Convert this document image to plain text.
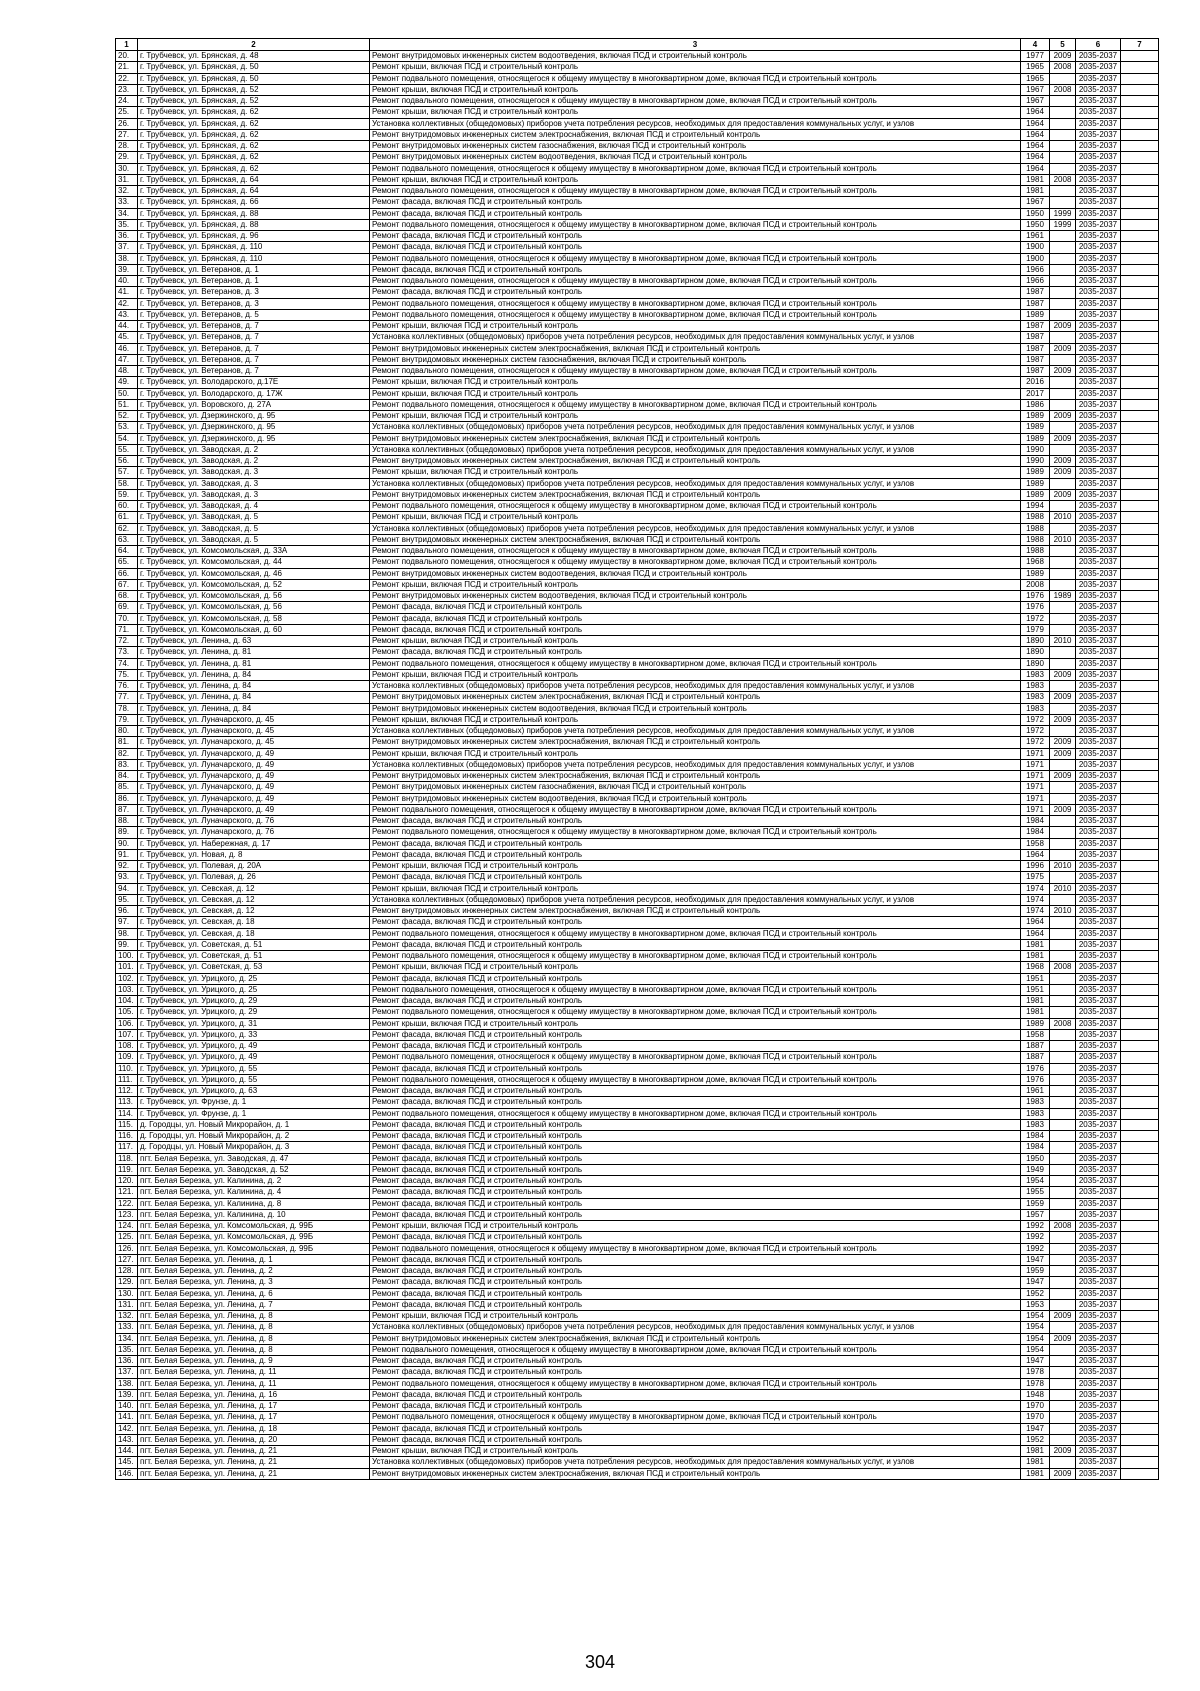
1	2	3	4	5	6	7
20.	г. Трубчевск, ул. Брянская, д. 48	Ремонт внутридомовых инженерных систем водоотведения, включая ПСД и строительный контроль	1977	2009	2035-2037	
21.	г. Трубчевск, ул. Брянская, д. 50	Ремонт крыши, включая ПСД и строительный контроль	1965	2008	2035-2037	
22.	г. Трубчевск, ул. Брянская, д. 50	Ремонт подвального помещения, относящегося к общему имуществу в многоквартирном доме, включая ПСД и строительный контроль	1965		2035-2037	
23.	г. Трубчевск, ул. Брянская, д. 52	Ремонт крыши, включая ПСД и строительный контроль	1967	2008	2035-2037	
24.	г. Трубчевск, ул. Брянская, д. 52	Ремонт подвального помещения, относящегося к общему имуществу в многоквартирном доме, включая ПСД и строительный контроль	1967		2035-2037	
25.	г. Трубчевск, ул. Брянская, д. 62	Ремонт крыши, включая ПСД и строительный контроль	1964		2035-2037	
26.	г. Трубчевск, ул. Брянская, д. 62	Установка коллективных (общедомовых) приборов учета потребления ресурсов, необходимых для предоставления коммунальных услуг, и узлов	1964		2035-2037	
27.	г. Трубчевск, ул. Брянская, д. 62	Ремонт внутридомовых инженерных систем электроснабжения, включая ПСД и строительный контроль	1964		2035-2037	
28.	г. Трубчевск, ул. Брянская, д. 62	Ремонт внутридомовых инженерных систем газоснабжения, включая ПСД и строительный контроль	1964		2035-2037	
29.	г. Трубчевск, ул. Брянская, д. 62	Ремонт внутридомовых инженерных систем водоотведения, включая ПСД и строительный контроль	1964		2035-2037	
30.	г. Трубчевск, ул. Брянская, д. 62	Ремонт подвального помещения, относящегося к общему имуществу в многоквартирном доме, включая ПСД и строительный контроль	1964		2035-2037	
31.	г. Трубчевск, ул. Брянская, д. 64	Ремонт крыши, включая ПСД и строительный контроль	1981	2008	2035-2037	
32.	г. Трубчевск, ул. Брянская, д. 64	Ремонт подвального помещения, относящегося к общему имуществу в многоквартирном доме, включая ПСД и строительный контроль	1981		2035-2037	
33.	г. Трубчевск, ул. Брянская, д. 66	Ремонт фасада, включая ПСД и строительный контроль	1967		2035-2037	
34.	г. Трубчевск, ул. Брянская, д. 88	Ремонт фасада, включая ПСД и строительный контроль	1950	1999	2035-2037	
35.	г. Трубчевск, ул. Брянская, д. 88	Ремонт подвального помещения, относящегося к общему имуществу в многоквартирном доме, включая ПСД и строительный контроль	1950	1999	2035-2037	
36.	г. Трубчевск, ул. Брянская, д. 96	Ремонт фасада, включая ПСД и строительный контроль	1961		2035-2037	
37.	г. Трубчевск, ул. Брянская, д. 110	Ремонт фасада, включая ПСД и строительный контроль	1900		2035-2037	
38.	г. Трубчевск, ул. Брянская, д. 110	Ремонт подвального помещения, относящегося к общему имуществу в многоквартирном доме, включая ПСД и строительный контроль	1900		2035-2037	
39.	г. Трубчевск, ул. Ветеранов, д. 1	Ремонт фасада, включая ПСД и строительный контроль	1966		2035-2037	
40.	г. Трубчевск, ул. Ветеранов, д. 1	Ремонт подвального помещения, относящегося к общему имуществу в многоквартирном доме, включая ПСД и строительный контроль	1966		2035-2037	
41.	г. Трубчевск, ул. Ветеранов, д. 3	Ремонт фасада, включая ПСД и строительный контроль	1987		2035-2037	
42.	г. Трубчевск, ул. Ветеранов, д. 3	Ремонт подвального помещения, относящегося к общему имуществу в многоквартирном доме, включая ПСД и строительный контроль	1987		2035-2037	
43.	г. Трубчевск, ул. Ветеранов, д. 5	Ремонт подвального помещения, относящегося к общему имуществу в многоквартирном доме, включая ПСД и строительный контроль	1989		2035-2037	
44.	г. Трубчевск, ул. Ветеранов, д. 7	Ремонт крыши, включая ПСД и строительный контроль	1987	2009	2035-2037	
45.	г. Трубчевск, ул. Ветеранов, д. 7	Установка коллективных (общедомовых) приборов учета потребления ресурсов, необходимых для предоставления коммунальных услуг, и узлов	1987		2035-2037	
46.	г. Трубчевск, ул. Ветеранов, д. 7	Ремонт внутридомовых инженерных систем электроснабжения, включая ПСД и строительный контроль	1987	2009	2035-2037	
47.	г. Трубчевск, ул. Ветеранов, д. 7	Ремонт внутридомовых инженерных систем газоснабжения, включая ПСД и строительный контроль	1987		2035-2037	
48.	г. Трубчевск, ул. Ветеранов, д. 7	Ремонт подвального помещения, относящегося к общему имуществу в многоквартирном доме, включая ПСД и строительный контроль	1987	2009	2035-2037	
49.	г. Трубчевск, ул. Володарского, д.17Е	Ремонт крыши, включая ПСД и строительный контроль	2016		2035-2037	
50.	г. Трубчевск, ул. Володарского, д. 17Ж	Ремонт крыши, включая ПСД и строительный контроль	2017		2035-2037	
51.	г. Трубчевск, ул. Воровского, д. 27А	Ремонт подвального помещения, относящегося к общему имуществу в многоквартирном доме, включая ПСД и строительный контроль	1986		2035-2037	
52.	г. Трубчевск, ул. Дзержинского, д. 95	Ремонт крыши, включая ПСД и строительный контроль	1989	2009	2035-2037	
53.	г. Трубчевск, ул. Дзержинского, д. 95	Установка коллективных (общедомовых) приборов учета потребления ресурсов, необходимых для предоставления коммунальных услуг, и узлов	1989		2035-2037	
54.	г. Трубчевск, ул. Дзержинского, д. 95	Ремонт внутридомовых инженерных систем электроснабжения, включая ПСД и строительный контроль	1989	2009	2035-2037	
55.	г. Трубчевск, ул. Заводская, д. 2	Установка коллективных (общедомовых) приборов учета потребления ресурсов, необходимых для предоставления коммунальных услуг, и узлов	1990		2035-2037	
56.	г. Трубчевск, ул. Заводская, д. 2	Ремонт внутридомовых инженерных систем электроснабжения, включая ПСД и строительный контроль	1990	2009	2035-2037	
57.	г. Трубчевск, ул. Заводская, д. 3	Ремонт крыши, включая ПСД и строительный контроль	1989	2009	2035-2037	
58.	г. Трубчевск, ул. Заводская, д. 3	Установка коллективных (общедомовых) приборов учета потребления ресурсов, необходимых для предоставления коммунальных услуг, и узлов	1989		2035-2037	
59.	г. Трубчевск, ул. Заводская, д. 3	Ремонт внутридомовых инженерных систем электроснабжения, включая ПСД и строительный контроль	1989	2009	2035-2037	
60.	г. Трубчевск, ул. Заводская, д. 4	Ремонт подвального помещения, относящегося к общему имуществу в многоквартирном доме, включая ПСД и строительный контроль	1994		2035-2037	
61.	г. Трубчевск, ул. Заводская, д. 5	Ремонт крыши, включая ПСД и строительный контроль	1988	2010	2035-2037	
62.	г. Трубчевск, ул. Заводская, д. 5	Установка коллективных (общедомовых) приборов учета потребления ресурсов, необходимых для предоставления коммунальных услуг, и узлов	1988		2035-2037	
63.	г. Трубчевск, ул. Заводская, д. 5	Ремонт внутридомовых инженерных систем электроснабжения, включая ПСД и строительный контроль	1988	2010	2035-2037	
64.	г. Трубчевск, ул. Комсомольская, д. 33А	Ремонт подвального помещения, относящегося к общему имуществу в многоквартирном доме, включая ПСД и строительный контроль	1988		2035-2037	
65.	г. Трубчевск, ул. Комсомольская, д. 44	Ремонт подвального помещения, относящегося к общему имуществу в многоквартирном доме, включая ПСД и строительный контроль	1968		2035-2037	
66.	г. Трубчевск, ул. Комсомольская, д. 46	Ремонт внутридомовых инженерных систем водоотведения, включая ПСД и строительный контроль	1989		2035-2037	
67.	г. Трубчевск, ул. Комсомольская, д. 52	Ремонт крыши, включая ПСД и строительный контроль	2008		2035-2037	
68.	г. Трубчевск, ул. Комсомольская, д. 56	Ремонт внутридомовых инженерных систем водоотведения, включая ПСД и строительный контроль	1976	1989	2035-2037	
69.	г. Трубчевск, ул. Комсомольская, д. 56	Ремонт фасада, включая ПСД и строительный контроль	1976		2035-2037	
70.	г. Трубчевск, ул. Комсомольская, д. 58	Ремонт фасада, включая ПСД и строительный контроль	1972		2035-2037	
71.	г. Трубчевск, ул. Комсомольская, д. 60	Ремонт фасада, включая ПСД и строительный контроль	1979		2035-2037	
72.	г. Трубчевск, ул. Ленина, д. 63	Ремонт крыши, включая ПСД и строительный контроль	1890	2010	2035-2037	
73.	г. Трубчевск, ул. Ленина, д. 81	Ремонт фасада, включая ПСД и строительный контроль	1890		2035-2037	
74.	г. Трубчевск, ул. Ленина, д. 81	Ремонт подвального помещения, относящегося к общему имуществу в многоквартирном доме, включая ПСД и строительный контроль	1890		2035-2037	
75.	г. Трубчевск, ул. Ленина, д. 84	Ремонт крыши, включая ПСД и строительный контроль	1983	2009	2035-2037	
76.	г. Трубчевск, ул. Ленина, д. 84	Установка коллективных (общедомовых) приборов учета потребления ресурсов, необходимых для предоставления коммунальных услуг, и узлов	1983		2035-2037	
77.	г. Трубчевск, ул. Ленина, д. 84	Ремонт внутридомовых инженерных систем электроснабжения, включая ПСД и строительный контроль	1983	2009	2035-2037	
78.	г. Трубчевск, ул. Ленина, д. 84	Ремонт внутридомовых инженерных систем водоотведения, включая ПСД и строительный контроль	1983		2035-2037	
79.	г. Трубчевск, ул. Луначарского, д. 45	Ремонт крыши, включая ПСД и строительный контроль	1972	2009	2035-2037	
80.	г. Трубчевск, ул. Луначарского, д. 45	Установка коллективных (общедомовых) приборов учета потребления ресурсов, необходимых для предоставления коммунальных услуг, и узлов	1972		2035-2037	
81.	г. Трубчевск, ул. Луначарского, д. 45	Ремонт внутридомовых инженерных систем электроснабжения, включая ПСД и строительный контроль	1972	2009	2035-2037	
82.	г. Трубчевск, ул. Луначарского, д. 49	Ремонт крыши, включая ПСД и строительный контроль	1971	2009	2035-2037	
83.	г. Трубчевск, ул. Луначарского, д. 49	Установка коллективных (общедомовых) приборов учета потребления ресурсов, необходимых для предоставления коммунальных услуг, и узлов	1971		2035-2037	
84.	г. Трубчевск, ул. Луначарского, д. 49	Ремонт внутридомовых инженерных систем электроснабжения, включая ПСД и строительный контроль	1971	2009	2035-2037	
85.	г. Трубчевск, ул. Луначарского, д. 49	Ремонт внутридомовых инженерных систем газоснабжения, включая ПСД и строительный контроль	1971		2035-2037	
86.	г. Трубчевск, ул. Луначарского, д. 49	Ремонт внутридомовых инженерных систем водоотведения, включая ПСД и строительный контроль	1971		2035-2037	
87.	г. Трубчевск, ул. Луначарского, д. 49	Ремонт подвального помещения, относящегося к общему имуществу в многоквартирном доме, включая ПСД и строительный контроль	1971	2009	2035-2037	
88.	г. Трубчевск, ул. Луначарского, д. 76	Ремонт фасада, включая ПСД и строительный контроль	1984		2035-2037	
89.	г. Трубчевск, ул. Луначарского, д. 76	Ремонт подвального помещения, относящегося к общему имуществу в многоквартирном доме, включая ПСД и строительный контроль	1984		2035-2037	
90.	г. Трубчевск, ул. Набережная, д. 17	Ремонт фасада, включая ПСД и строительный контроль	1958		2035-2037	
91.	г. Трубчевск, ул. Новая, д. 8	Ремонт фасада, включая ПСД и строительный контроль	1964		2035-2037	
92.	г. Трубчевск, ул. Полевая, д. 20А	Ремонт крыши, включая ПСД и строительный контроль	1996	2010	2035-2037	
93.	г. Трубчевск, ул. Полевая, д. 26	Ремонт фасада, включая ПСД и строительный контроль	1975		2035-2037	
94.	г. Трубчевск, ул. Севская, д. 12	Ремонт крыши, включая ПСД и строительный контроль	1974	2010	2035-2037	
95.	г. Трубчевск, ул. Севская, д. 12	Установка коллективных (общедомовых) приборов учета потребления ресурсов, необходимых для предоставления коммунальных услуг, и узлов	1974		2035-2037	
96.	г. Трубчевск, ул. Севская, д. 12	Ремонт внутридомовых инженерных систем электроснабжения, включая ПСД и строительный контроль	1974	2010	2035-2037	
97.	г. Трубчевск, ул. Севская, д. 18	Ремонт фасада, включая ПСД и строительный контроль	1964		2035-2037	
98.	г. Трубчевск, ул. Севская, д. 18	Ремонт подвального помещения, относящегося к общему имуществу в многоквартирном доме, включая ПСД и строительный контроль	1964		2035-2037	
99.	г. Трубчевск, ул. Советская, д. 51	Ремонт фасада, включая ПСД и строительный контроль	1981		2035-2037	
100.	г. Трубчевск, ул. Советская, д. 51	Ремонт подвального помещения, относящегося к общему имуществу в многоквартирном доме, включая ПСД и строительный контроль	1981		2035-2037	
101.	г. Трубчевск, ул. Советская, д. 53	Ремонт крыши, включая ПСД и строительный контроль	1968	2008	2035-2037	
102.	г. Трубчевск, ул. Урицкого, д. 25	Ремонт фасада, включая ПСД и строительный контроль	1951		2035-2037	
103.	г. Трубчевск, ул. Урицкого, д. 25	Ремонт подвального помещения, относящегося к общему имуществу в многоквартирном доме, включая ПСД и строительный контроль	1951		2035-2037	
104.	г. Трубчевск, ул. Урицкого, д. 29	Ремонт фасада, включая ПСД и строительный контроль	1981		2035-2037	
105.	г. Трубчевск, ул. Урицкого, д. 29	Ремонт подвального помещения, относящегося к общему имуществу в многоквартирном доме, включая ПСД и строительный контроль	1981		2035-2037	
106.	г. Трубчевск, ул. Урицкого, д. 31	Ремонт крыши, включая ПСД и строительный контроль	1989	2008	2035-2037	
107.	г. Трубчевск, ул. Урицкого, д. 33	Ремонт фасада, включая ПСД и строительный контроль	1958		2035-2037	
108.	г. Трубчевск, ул. Урицкого, д. 49	Ремонт фасада, включая ПСД и строительный контроль	1887		2035-2037	
109.	г. Трубчевск, ул. Урицкого, д. 49	Ремонт подвального помещения, относящегося к общему имуществу в многоквартирном доме, включая ПСД и строительный контроль	1887		2035-2037	
110.	г. Трубчевск, ул. Урицкого, д. 55	Ремонт фасада, включая ПСД и строительный контроль	1976		2035-2037	
111.	г. Трубчевск, ул. Урицкого, д. 55	Ремонт подвального помещения, относящегося к общему имуществу в многоквартирном доме, включая ПСД и строительный контроль	1976		2035-2037	
112.	г. Трубчевск, ул. Урицкого, д. 63	Ремонт фасада, включая ПСД и строительный контроль	1961		2035-2037	
113.	г. Трубчевск, ул. Фрунзе, д. 1	Ремонт фасада, включая ПСД и строительный контроль	1983		2035-2037	
114.	г. Трубчевск, ул. Фрунзе, д. 1	Ремонт подвального помещения, относящегося к общему имуществу в многоквартирном доме, включая ПСД и строительный контроль	1983		2035-2037	
115.	д. Городцы, ул. Новый Микрорайон, д. 1	Ремонт фасада, включая ПСД и строительный контроль	1983		2035-2037	
116.	д. Городцы, ул. Новый Микрорайон, д. 2	Ремонт фасада, включая ПСД и строительный контроль	1984		2035-2037	
117.	д. Городцы, ул. Новый Микрорайон, д. 3	Ремонт фасада, включая ПСД и строительный контроль	1984		2035-2037	
118.	пгт. Белая Березка, ул. Заводская, д. 47	Ремонт фасада, включая ПСД и строительный контроль	1950		2035-2037	
119.	пгт. Белая Березка, ул. Заводская, д. 52	Ремонт фасада, включая ПСД и строительный контроль	1949		2035-2037	
120.	пгт. Белая Березка, ул. Калинина, д. 2	Ремонт фасада, включая ПСД и строительный контроль	1954		2035-2037	
121.	пгт. Белая Березка, ул. Калинина, д. 4	Ремонт фасада, включая ПСД и строительный контроль	1955		2035-2037	
122.	пгт. Белая Березка, ул. Калинина, д. 8	Ремонт фасада, включая ПСД и строительный контроль	1959		2035-2037	
123.	пгт. Белая Березка, ул. Калинина, д. 10	Ремонт фасада, включая ПСД и строительный контроль	1957		2035-2037	
124.	пгт. Белая Березка, ул. Комсомольская, д. 99Б	Ремонт крыши, включая ПСД и строительный контроль	1992	2008	2035-2037	
125.	пгт. Белая Березка, ул. Комсомольская, д. 99Б	Ремонт фасада, включая ПСД и строительный контроль	1992		2035-2037	
126.	пгт. Белая Березка, ул. Комсомольская, д. 99Б	Ремонт подвального помещения, относящегося к общему имуществу в многоквартирном доме, включая ПСД и строительный контроль	1992		2035-2037	
127.	пгт. Белая Березка, ул. Ленина, д. 1	Ремонт фасада, включая ПСД и строительный контроль	1947		2035-2037	
128.	пгт. Белая Березка, ул. Ленина, д. 2	Ремонт фасада, включая ПСД и строительный контроль	1959		2035-2037	
129.	пгт. Белая Березка, ул. Ленина, д. 3	Ремонт фасада, включая ПСД и строительный контроль	1947		2035-2037	
130.	пгт. Белая Березка, ул. Ленина, д. 6	Ремонт фасада, включая ПСД и строительный контроль	1952		2035-2037	
131.	пгт. Белая Березка, ул. Ленина, д. 7	Ремонт фасада, включая ПСД и строительный контроль	1953		2035-2037	
132.	пгт. Белая Березка, ул. Ленина, д. 8	Ремонт крыши, включая ПСД и строительный контроль	1954	2009	2035-2037	
133.	пгт. Белая Березка, ул. Ленина, д. 8	Установка коллективных (общедомовых) приборов учета потребления ресурсов, необходимых для предоставления коммунальных услуг, и узлов	1954		2035-2037	
134.	пгт. Белая Березка, ул. Ленина, д. 8	Ремонт внутридомовых инженерных систем электроснабжения, включая ПСД и строительный контроль	1954	2009	2035-2037	
135.	пгт. Белая Березка, ул. Ленина, д. 8	Ремонт подвального помещения, относящегося к общему имуществу в многоквартирном доме, включая ПСД и строительный контроль	1954		2035-2037	
136.	пгт. Белая Березка, ул. Ленина, д. 9	Ремонт фасада, включая ПСД и строительный контроль	1947		2035-2037	
137.	пгт. Белая Березка, ул. Ленина, д. 11	Ремонт фасада, включая ПСД и строительный контроль	1978		2035-2037	
138.	пгт. Белая Березка, ул. Ленина, д. 11	Ремонт подвального помещения, относящегося к общему имуществу в многоквартирном доме, включая ПСД и строительный контроль	1978		2035-2037	
139.	пгт. Белая Березка, ул. Ленина, д. 16	Ремонт фасада, включая ПСД и строительный контроль	1948		2035-2037	
140.	пгт. Белая Березка, ул. Ленина, д. 17	Ремонт фасада, включая ПСД и строительный контроль	1970		2035-2037	
141.	пгт. Белая Березка, ул. Ленина, д. 17	Ремонт подвального помещения, относящегося к общему имуществу в многоквартирном доме, включая ПСД и строительный контроль	1970		2035-2037	
142.	пгт. Белая Березка, ул. Ленина, д. 18	Ремонт фасада, включая ПСД и строительный контроль	1947		2035-2037	
143.	пгт. Белая Березка, ул. Ленина, д. 20	Ремонт фасада, включая ПСД и строительный контроль	1952		2035-2037	
144.	пгт. Белая Березка, ул. Ленина, д. 21	Ремонт крыши, включая ПСД и строительный контроль	1981	2009	2035-2037	
145.	пгт. Белая Березка, ул. Ленина, д. 21	Установка коллективных (общедомовых) приборов учета потребления ресурсов, необходимых для предоставления коммунальных услуг, и узлов	1981		2035-2037	
146.	пгт. Белая Березка, ул. Ленина, д. 21	Ремонт внутридомовых инженерных систем электроснабжения, включая ПСД и строительный контроль	1981	2009	2035-2037	
304
